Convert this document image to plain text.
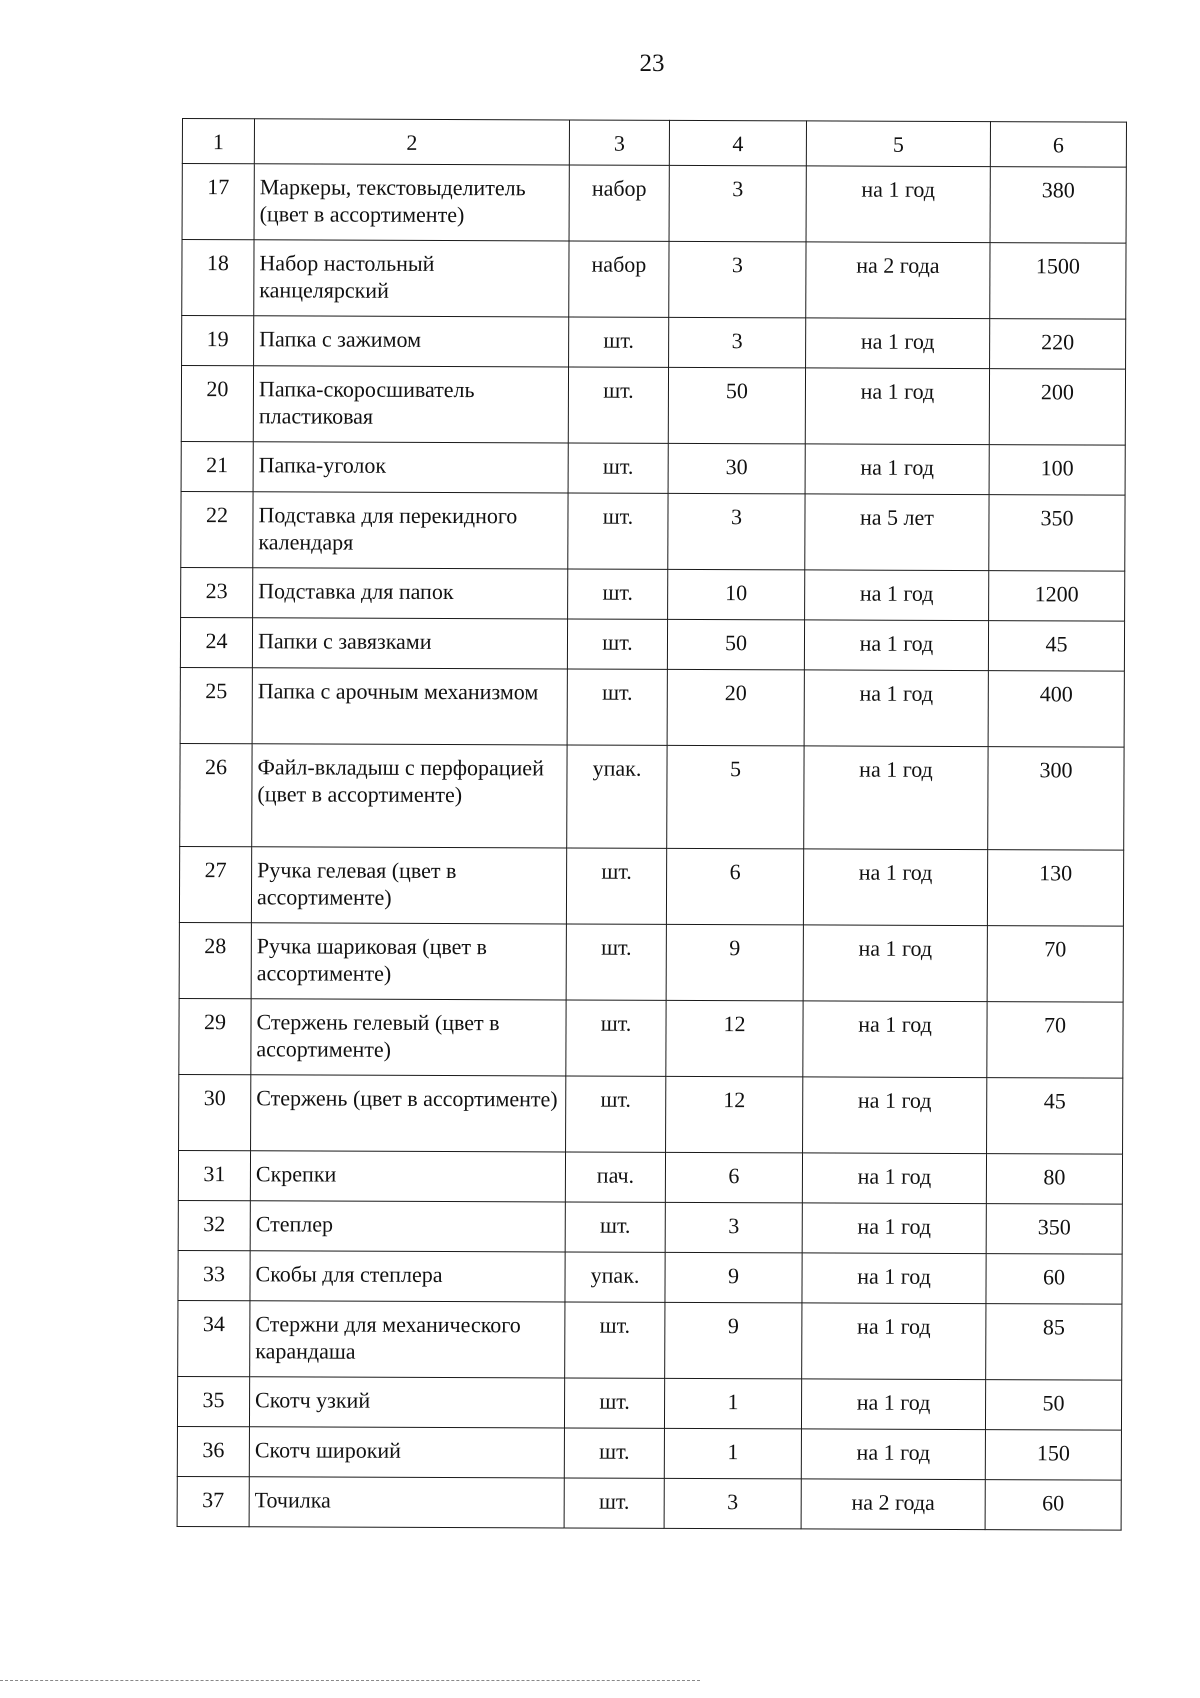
23
1	2	3	4	5	6
17	Маркеры, текстовыделитель (цвет в ассортименте)	набор	3	на 1 год	380
18	Набор настольный канцелярский	набор	3	на 2 года	1500
19	Папка с зажимом	шт.	3	на 1 год	220
20	Папка-скоросшиватель пластиковая	шт.	50	на 1 год	200
21	Папка-уголок	шт.	30	на 1 год	100
22	Подставка для перекидного календаря	шт.	3	на 5 лет	350
23	Подставка для папок	шт.	10	на 1 год	1200
24	Папки с завязками	шт.	50	на 1 год	45
25	Папка с арочным механизмом	шт.	20	на 1 год	400
26	Файл-вкладыш с перфорацией (цвет в ассортименте)	упак.	5	на 1 год	300
27	Ручка гелевая (цвет в ассортименте)	шт.	6	на 1 год	130
28	Ручка шариковая (цвет в ассортименте)	шт.	9	на 1 год	70
29	Стержень гелевый (цвет в ассортименте)	шт.	12	на 1 год	70
30	Стержень (цвет в ассортименте)	шт.	12	на 1 год	45
31	Скрепки	пач.	6	на 1 год	80
32	Степлер	шт.	3	на 1 год	350
33	Скобы для степлера	упак.	9	на 1 год	60
34	Стержни для механического карандаша	шт.	9	на 1 год	85
35	Скотч узкий	шт.	1	на 1 год	50
36	Скотч широкий	шт.	1	на 1 год	150
37	Точилка	шт.	3	на 2 года	60
